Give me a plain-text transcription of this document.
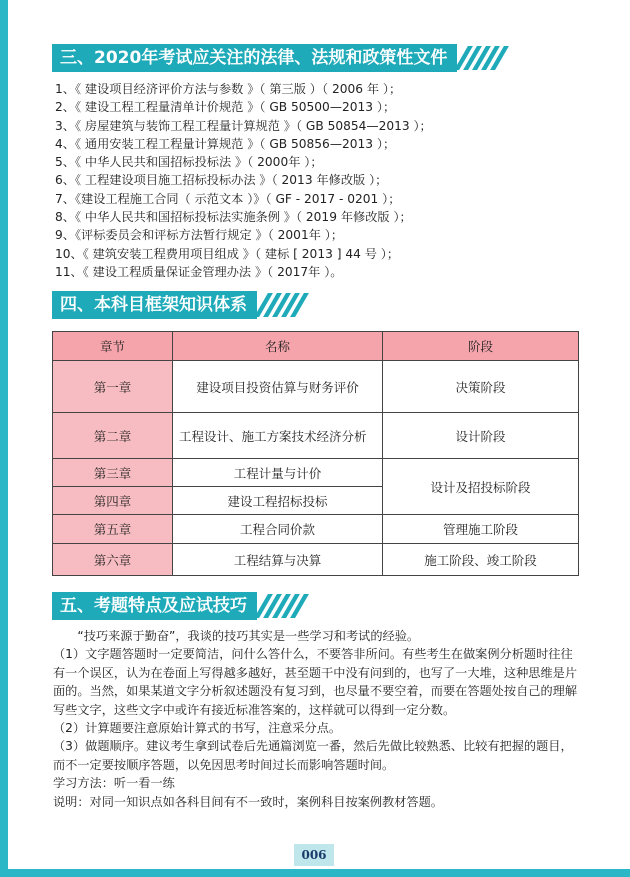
三、2020年考试应关注的法律、法规和政策性文件
1、《 建设项目经济评价方法与参数 》（ 第三版 ）（ 2006 年 ）；
2、《 建设工程工程量清单计价规范 》（ GB 50500—2013 ）；
3、《 房屋建筑与装饰工程工程量计算规范 》（ GB 50854—2013 ）；
4、《 通用安装工程工程量计算规范 》（ GB 50856—2013 ）；
5、《 中华人民共和国招标投标法 》（ 2000年 ）；
6、《 工程建设项目施工招标投标办法 》（ 2013 年修改版 ）；
7、《建设工程施工合同（ 示范文本 ）》（ GF - 2017 - 0201 ）；
8、《 中华人民共和国招标投标法实施条例 》（ 2019 年修改版 ）；
9、《评标委员会和评标方法暂行规定 》（ 2001年 ）；
10、《 建筑安装工程费用项目组成 》（ 建标 [ 2013 ] 44 号 ）；
11、《 建设工程质量保证金管理办法 》（ 2017年 ）。
四、本科目框架知识体系
章节	名称	阶段
第一章	建设项目投资估算与财务评价	决策阶段
第二章	工程设计、施工方案技术经济分析	设计阶段
第三章	工程计量与计价	设计及招投标阶段
第四章	建设工程招标投标	
第五章	工程合同价款	管理施工阶段
第六章	工程结算与决算	施工阶段、竣工阶段
五、考题特点及应试技巧

“技巧来源于勤奋”，我谈的技巧其实是一些学习和考试的经验。

（1）文字题答题时一定要简洁，问什么答什么，不要答非所问。有些考生在做案例分析题时往往有一个误区，认为在卷面上写得越多越好，甚至题干中没有问到的，也写了一大堆，这种思维是片面的。当然，如果某道文字分析叙述题没有复习到，也尽量不要空着，而要在答题处按自己的理解写些文字，这些文字中或许有接近标准答案的，这样就可以得到一定分数。

（2）计算题要注意原始计算式的书写，注意采分点。

（3）做题顺序。建议考生拿到试卷后先通篇浏览一番，然后先做比较熟悉、比较有把握的题目，而不一定要按顺序答题，以免因思考时间过长而影响答题时间。

学习方法：听一看一练

说明：对同一知识点如各科目间有不一致时，案例科目按案例教材答题。

006
